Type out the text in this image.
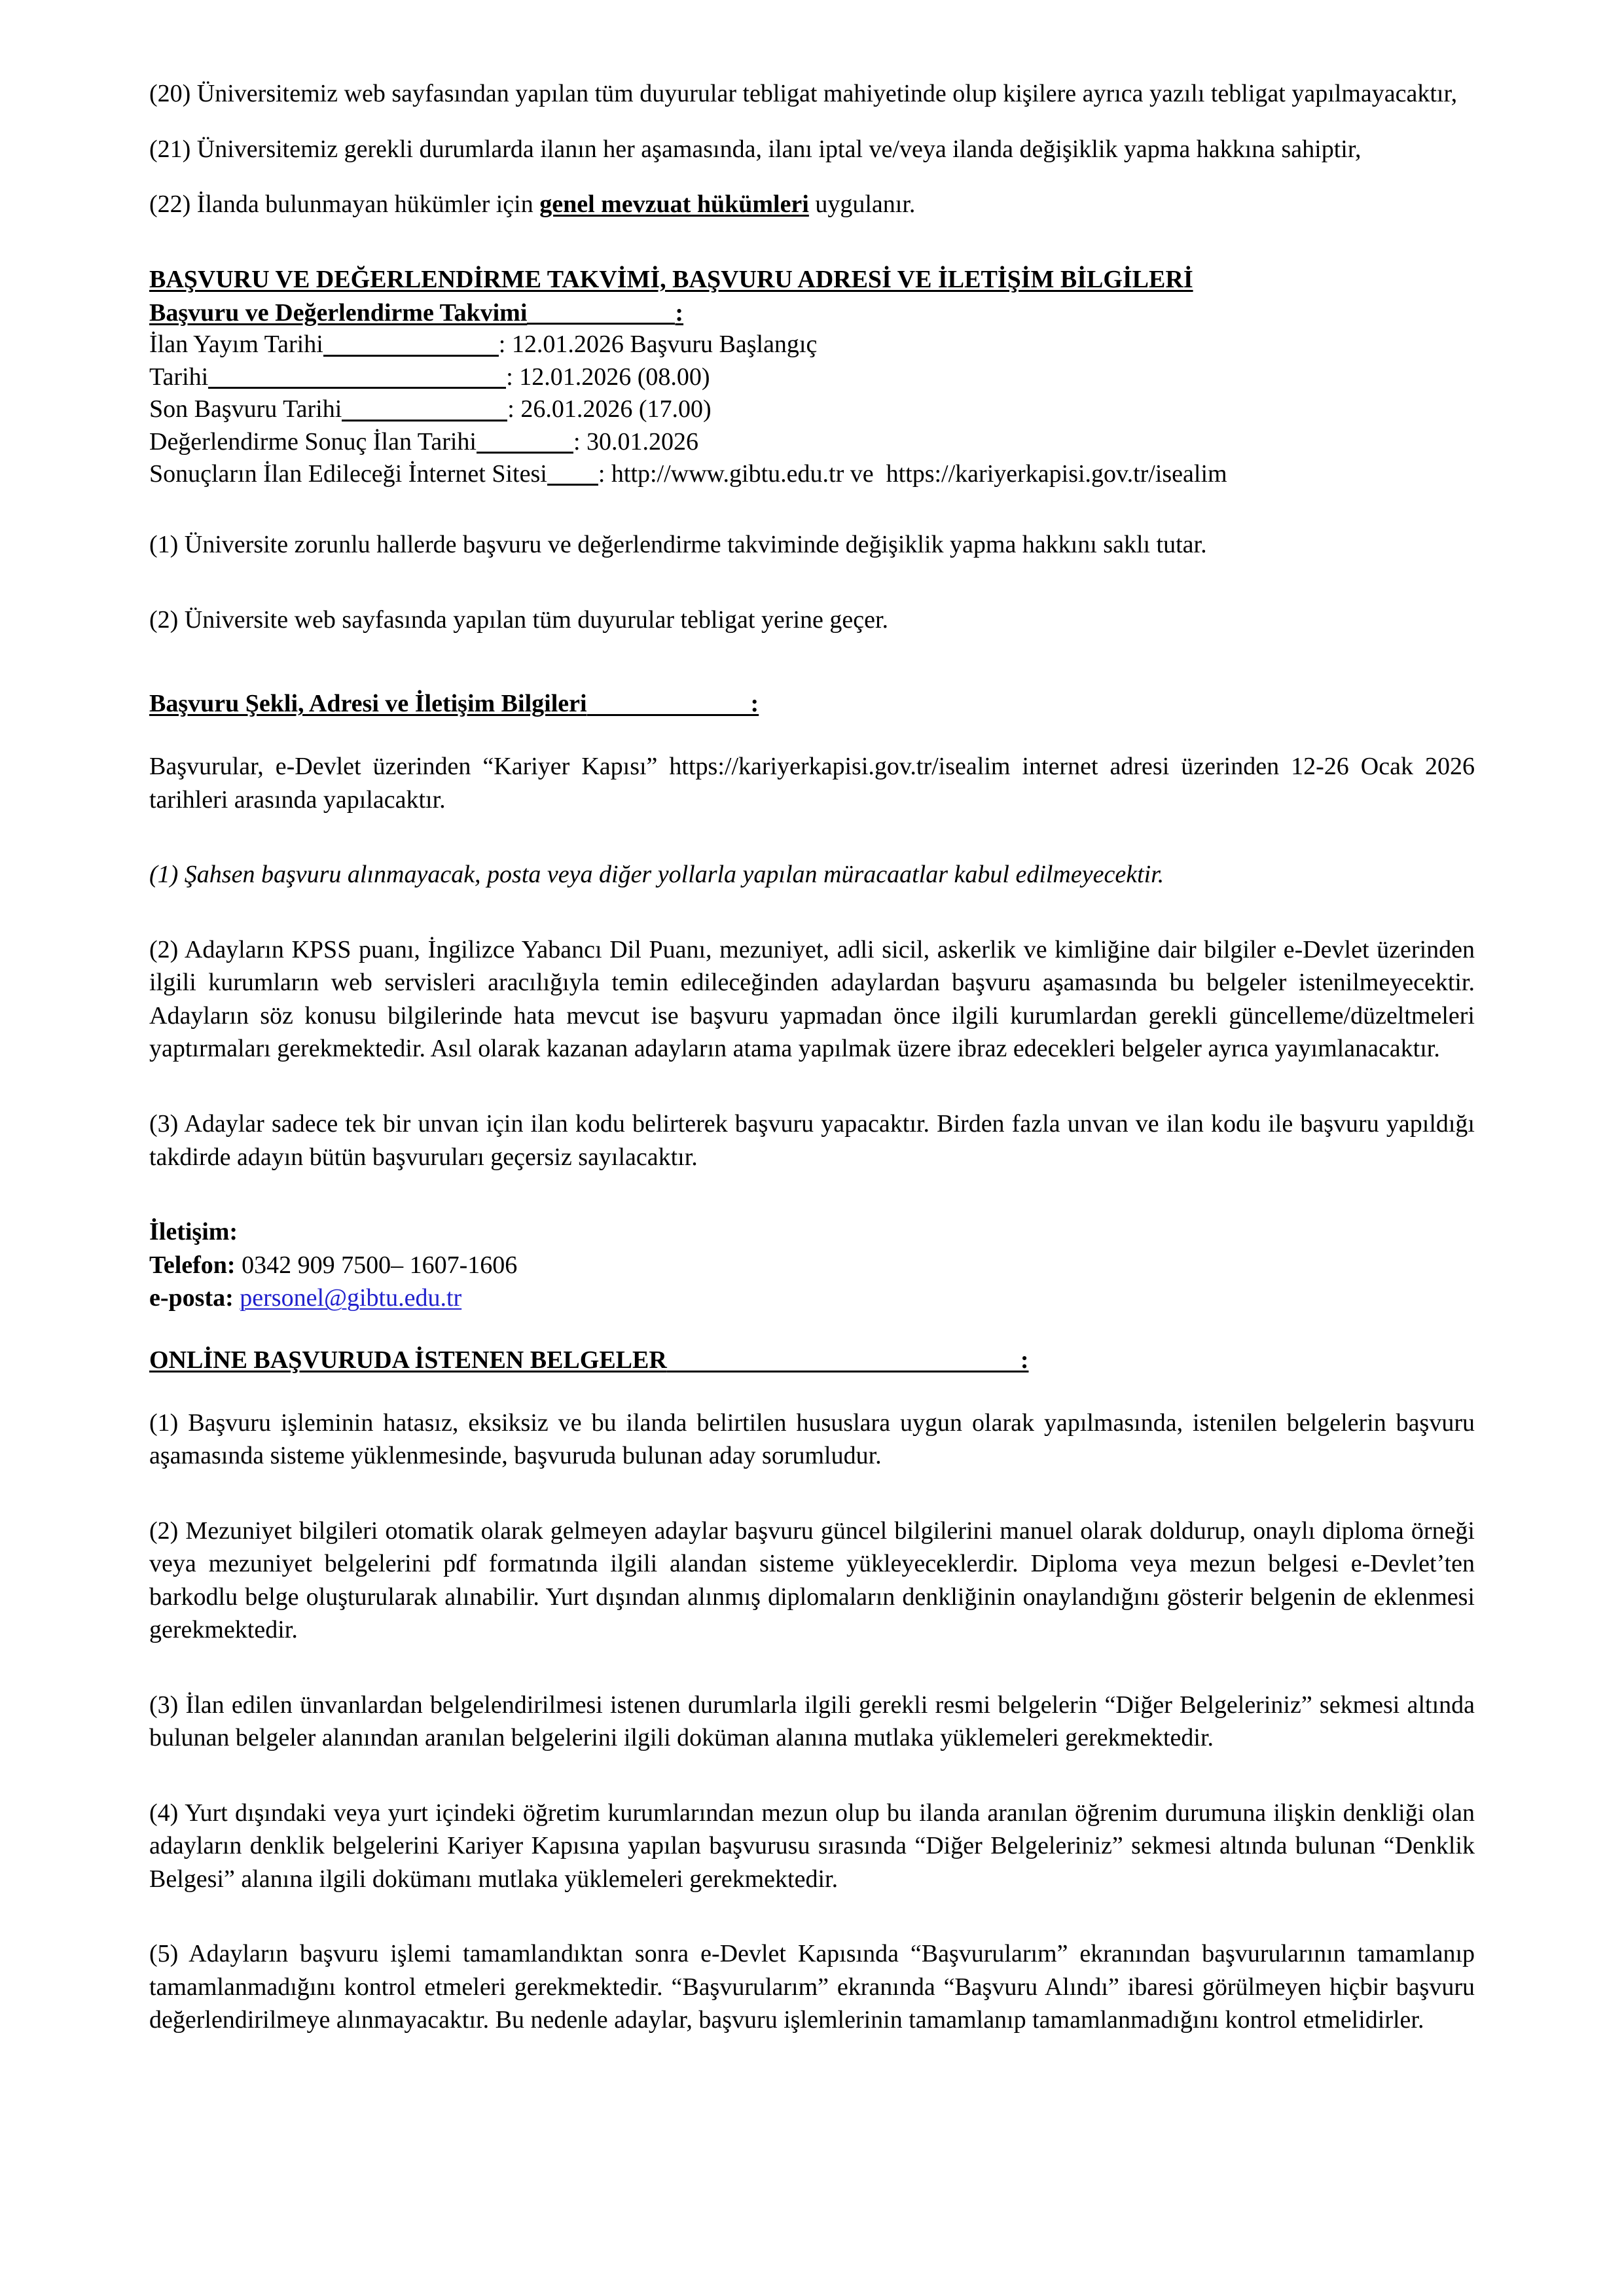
(20) Üniversitemiz web sayfasından yapılan tüm duyurular tebligat mahiyetinde olup kişilere ayrıca yazılı tebligat yapılmayacaktır,

(21) Üniversitemiz gerekli durumlarda ilanın her aşamasında, ilanı iptal ve/veya ilanda değişiklik yapma hakkına sahiptir,

(22) İlanda bulunmayan hükümler için genel mevzuat hükümleri uygulanır.

BAŞVURU VE DEĞERLENDİRME TAKVİMİ, BAŞVURU ADRESİ VE İLETİŞİM BİLGİLERİ
Başvuru ve Değerlendirme Takvimi	:
İlan Yayım Tarihi	: 12.01.2026 Başvuru Başlangıç
Tarihi	: 12.01.2026 (08.00)
Son Başvuru Tarihi	: 26.01.2026 (17.00)
Değerlendirme Sonuç İlan Tarihi	: 30.01.2026
Sonuçların İlan Edileceği İnternet Sitesi : http://www.gibtu.edu.tr ve  https://kariyerkapisi.gov.tr/isealim

(1) Üniversite zorunlu hallerde başvuru ve değerlendirme takviminde değişiklik yapma hakkını saklı tutar.

(2) Üniversite web sayfasında yapılan tüm duyurular tebligat yerine geçer.

Başvuru Şekli, Adresi ve İletişim Bilgileri	:

Başvurular, e-Devlet üzerinden “Kariyer Kapısı” https://kariyerkapisi.gov.tr/isealim internet adresi üzerinden 12-26 Ocak 2026 tarihleri arasında yapılacaktır.

(1) Şahsen başvuru alınmayacak, posta veya diğer yollarla yapılan müracaatlar kabul edilmeyecektir.

(2) Adayların KPSS puanı, İngilizce Yabancı Dil Puanı, mezuniyet, adli sicil, askerlik ve kimliğine dair bilgiler e-Devlet üzerinden ilgili kurumların web servisleri aracılığıyla temin edileceğinden adaylardan başvuru aşamasında bu belgeler istenilmeyecektir. Adayların söz konusu bilgilerinde hata mevcut ise başvuru yapmadan önce ilgili kurumlardan gerekli güncelleme/düzeltmeleri yaptırmaları gerekmektedir. Asıl olarak kazanan adayların atama yapılmak üzere ibraz edecekleri belgeler ayrıca yayımlanacaktır.

(3) Adaylar sadece tek bir unvan için ilan kodu belirterek başvuru yapacaktır. Birden fazla unvan ve ilan kodu ile başvuru yapıldığı takdirde adayın bütün başvuruları geçersiz sayılacaktır.

İletişim:
Telefon: 0342 909 7500– 1607-1606
e-posta: personel@gibtu.edu.tr
ONLİNE BAŞVURUDA İSTENEN BELGELER	:

(1) Başvuru işleminin hatasız, eksiksiz ve bu ilanda belirtilen hususlara uygun olarak yapılmasında, istenilen belgelerin başvuru aşamasında sisteme yüklenmesinde, başvuruda bulunan aday sorumludur.

(2) Mezuniyet bilgileri otomatik olarak gelmeyen adaylar başvuru güncel bilgilerini manuel olarak doldurup, onaylı diploma örneği veya mezuniyet belgelerini pdf formatında ilgili alandan sisteme yükleyeceklerdir. Diploma veya mezun belgesi e-Devlet’ten barkodlu belge oluşturularak alınabilir. Yurt dışından alınmış diplomaların denkliğinin onaylandığını gösterir belgenin de eklenmesi gerekmektedir.

(3) İlan edilen ünvanlardan belgelendirilmesi istenen durumlarla ilgili gerekli resmi belgelerin “Diğer Belgeleriniz” sekmesi altında bulunan belgeler alanından aranılan belgelerini ilgili doküman alanına mutlaka yüklemeleri gerekmektedir.

(4) Yurt dışındaki veya yurt içindeki öğretim kurumlarından mezun olup bu ilanda aranılan öğrenim durumuna ilişkin denkliği olan adayların denklik belgelerini Kariyer Kapısına yapılan başvurusu sırasında “Diğer Belgeleriniz” sekmesi altında bulunan “Denklik Belgesi” alanına ilgili dokümanı mutlaka yüklemeleri gerekmektedir.

(5) Adayların başvuru işlemi tamamlandıktan sonra e-Devlet Kapısında “Başvurularım” ekranından başvurularının tamamlanıp tamamlanmadığını kontrol etmeleri gerekmektedir. “Başvurularım” ekranında “Başvuru Alındı” ibaresi görülmeyen hiçbir başvuru değerlendirilmeye alınmayacaktır. Bu nedenle adaylar, başvuru işlemlerinin tamamlanıp tamamlanmadığını kontrol etmelidirler.
